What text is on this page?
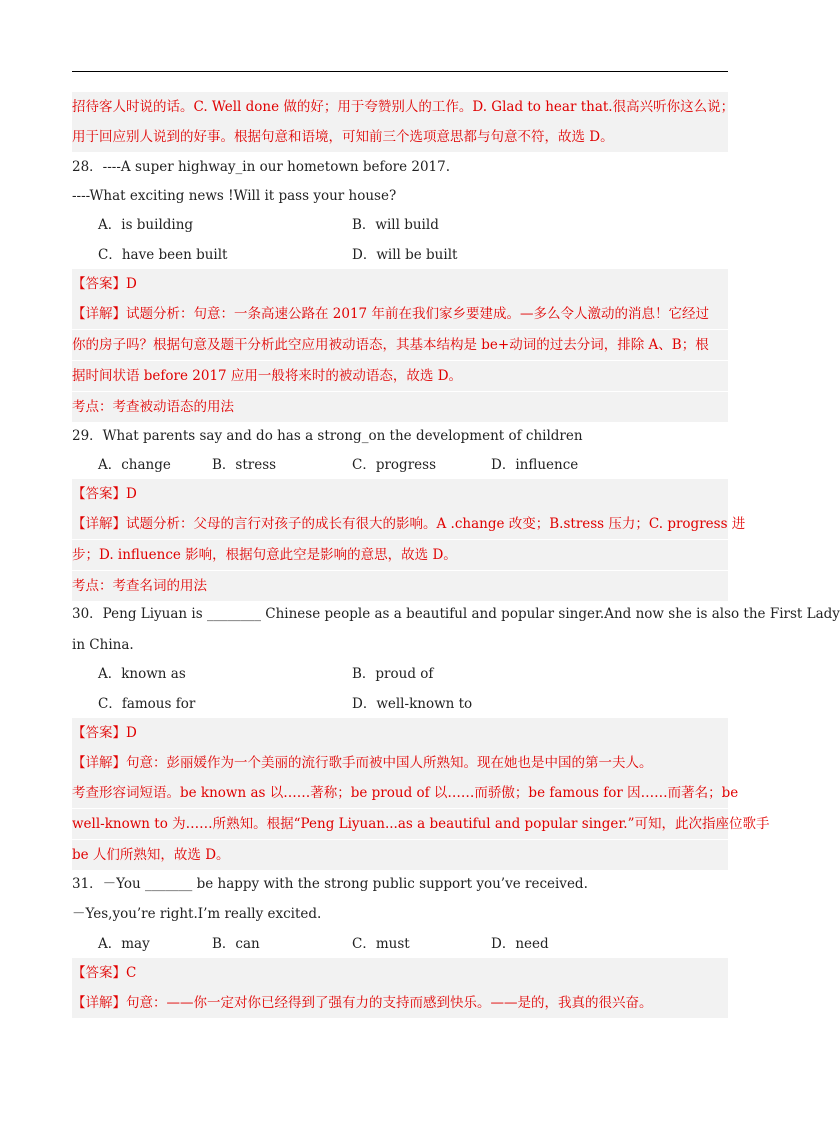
招待客人时说的话。C. Well done 做的好；用于夸赞别人的工作。D. Glad to hear that.很高兴听你这么说；
用于回应别人说到的好事。根据句意和语境，可知前三个选项意思都与句意不符，故选 D。
28．----A super highway_in our hometown before 2017.
----What exciting news !Will it pass your house?
A．is building	B．will build
C．have been built	D．will be built
【答案】D
【详解】试题分析：句意：一条高速公路在 2017 年前在我们家乡要建成。—多么令人激动的消息！它经过
你的房子吗？根据句意及题干分析此空应用被动语态，其基本结构是 be+动词的过去分词，排除 A、B；根
据时间状语 before 2017 应用一般将来时的被动语态，故选 D。
考点：考查被动语态的用法
29．What parents say and do has a strong_on the development of children
A．change	B．stress	C．progress	D．influence
【答案】D
【详解】试题分析：父母的言行对孩子的成长有很大的影响。A .change 改变；B.stress 压力；C. progress 进
步；D. influence 影响，根据句意此空是影响的意思，故选 D。
考点：考查名词的用法
30．Peng Liyuan is ________ Chinese people as a beautiful and popular singer.And now she is also the First Lady
in China.
A．known as	B．proud of
C．famous for	D．well-known to
【答案】D
【详解】句意：彭丽媛作为一个美丽的流行歌手而被中国人所熟知。现在她也是中国的第一夫人。
考查形容词短语。be known as 以……著称；be proud of 以……而骄傲；be famous for 因……而著名；be
well-known to 为……所熟知。根据“Peng Liyuan...as a beautiful and popular singer.”可知，此次指座位歌手
be 人们所熟知，故选 D。
31．－You _______ be happy with the strong public support you’ve received.
－Yes,you’re right.I’m really excited.
A．may	B．can	C．must	D．need
【答案】C
【详解】句意：——你一定对你已经得到了强有力的支持而感到快乐。——是的，我真的很兴奋。
